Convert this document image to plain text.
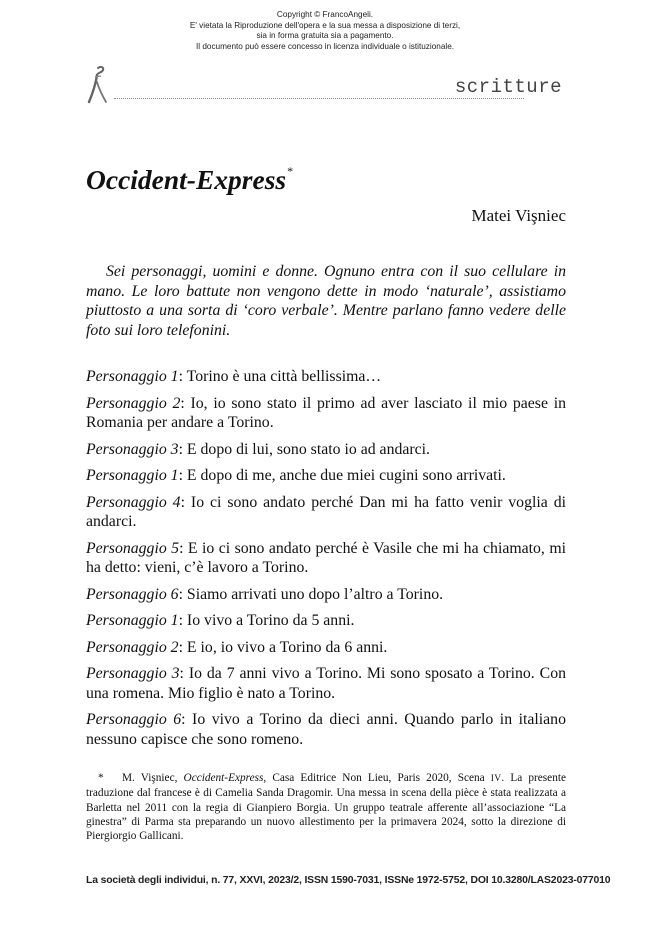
Copyright © FrancoAngeli.
E' vietata la Riproduzione dell'opera e la sua messa a disposizione di terzi,
sia in forma gratuita sia a pagamento.
Il documento può essere concesso in licenza individuale o istituzionale.
scritture
Occident-Express*
Matei Vişniec

Sei personaggi, uomini e donne. Ognuno entra con il suo cellulare in mano. Le loro battute non vengono dette in modo ‘naturale’, assistiamo piuttosto a una sorta di ‘coro verbale’. Mentre parlano fanno vedere delle foto sui loro telefonini.

Personaggio 1: Torino è una città bellissima…

Personaggio 2: Io, io sono stato il primo ad aver lasciato il mio paese in Romania per andare a Torino.

Personaggio 3: E dopo di lui, sono stato io ad andarci.

Personaggio 1: E dopo di me, anche due miei cugini sono arrivati.

Personaggio 4: Io ci sono andato perché Dan mi ha fatto venir voglia di andarci.

Personaggio 5: E io ci sono andato perché è Vasile che mi ha chiamato, mi ha detto: vieni, c’è lavoro a Torino.

Personaggio 6: Siamo arrivati uno dopo l’altro a Torino.

Personaggio 1: Io vivo a Torino da 5 anni.

Personaggio 2: E io, io vivo a Torino da 6 anni.

Personaggio 3: Io da 7 anni vivo a Torino. Mi sono sposato a Torino. Con una romena. Mio figlio è nato a Torino.

Personaggio 6: Io vivo a Torino da dieci anni. Quando parlo in italiano nessuno capisce che sono romeno.

* M. Vişniec, Occident-Express, Casa Editrice Non Lieu, Paris 2020, Scena IV. La presente traduzione dal francese è di Camelia Sanda Dragomir. Una messa in scena della pièce è stata realizzata a Barletta nel 2011 con la regia di Gianpiero Borgia. Un gruppo teatrale afferente all’associazione “La ginestra” di Parma sta preparando un nuovo allestimento per la primavera 2024, sotto la direzione di Piergiorgio Gallicani.

La società degli individui, n. 77, XXVI, 2023/2, ISSN 1590-7031, ISSNe 1972-5752, DOI 10.3280/LAS2023-077010
